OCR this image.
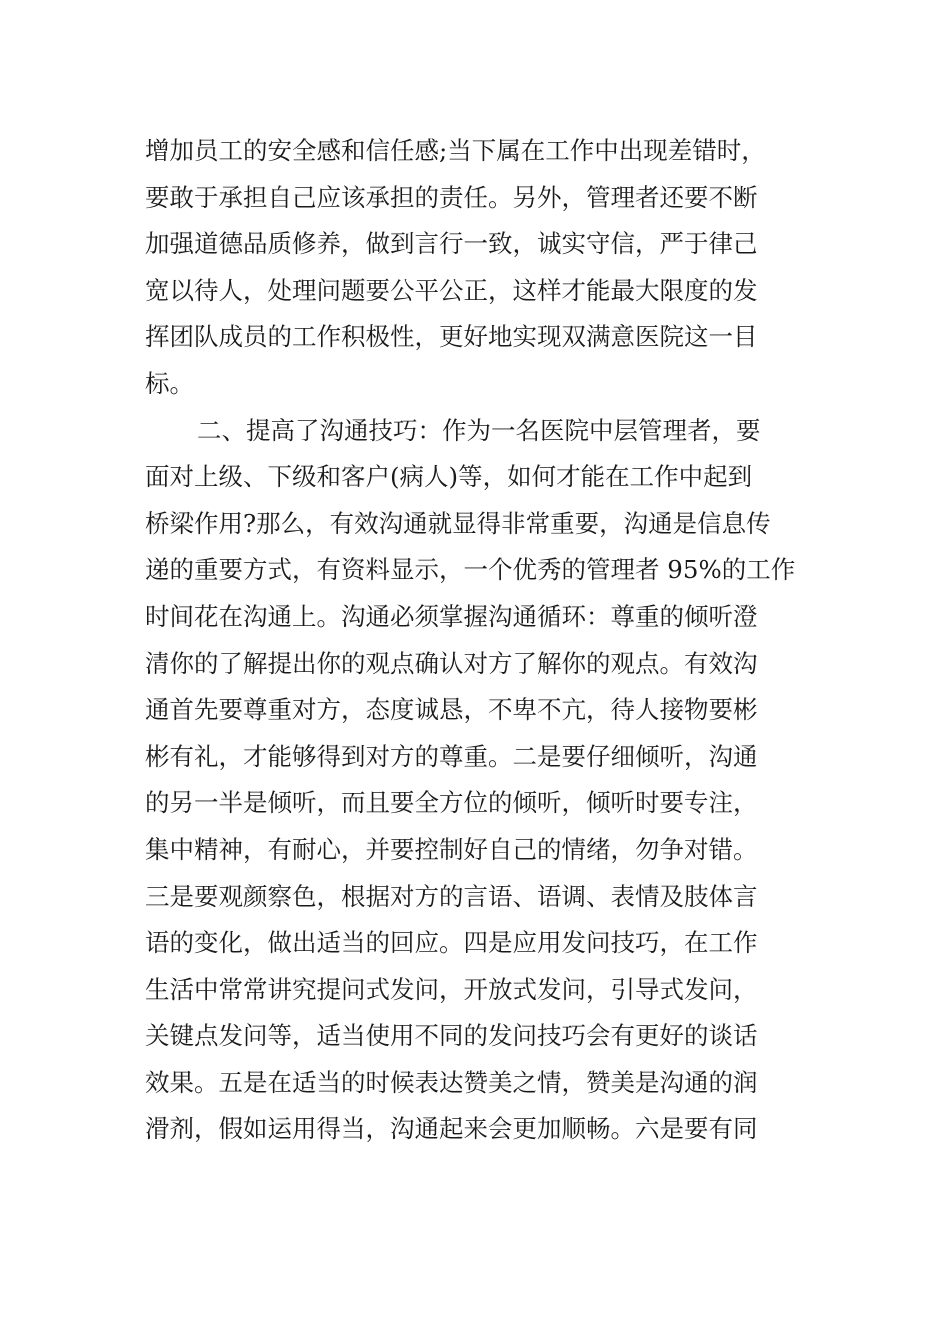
增加员工的安全感和信任感;当下属在工作中出现差错时，
要敢于承担自己应该承担的责任。另外，管理者还要不断
加强道德品质修养，做到言行一致，诚实守信，严于律己
宽以待人，处理问题要公平公正，这样才能最大限度的发
挥团队成员的工作积极性，更好地实现双满意医院这一目
标。
二、提高了沟通技巧：作为一名医院中层管理者，要
面对上级、下级和客户(病人)等，如何才能在工作中起到
桥梁作用?那么，有效沟通就显得非常重要，沟通是信息传
递的重要方式，有资料显示，一个优秀的管理者 95%的工作
时间花在沟通上。沟通必须掌握沟通循环：尊重的倾听澄
清你的了解提出你的观点确认对方了解你的观点。有效沟
通首先要尊重对方，态度诚恳，不卑不亢，待人接物要彬
彬有礼，才能够得到对方的尊重。二是要仔细倾听，沟通
的另一半是倾听，而且要全方位的倾听，倾听时要专注，
集中精神，有耐心，并要控制好自己的情绪，勿争对错。
三是要观颜察色，根据对方的言语、语调、表情及肢体言
语的变化，做出适当的回应。四是应用发问技巧，在工作
生活中常常讲究提问式发问，开放式发问，引导式发问，
关键点发问等，适当使用不同的发问技巧会有更好的谈话
效果。五是在适当的时候表达赞美之情，赞美是沟通的润
滑剂，假如运用得当，沟通起来会更加顺畅。六是要有同
